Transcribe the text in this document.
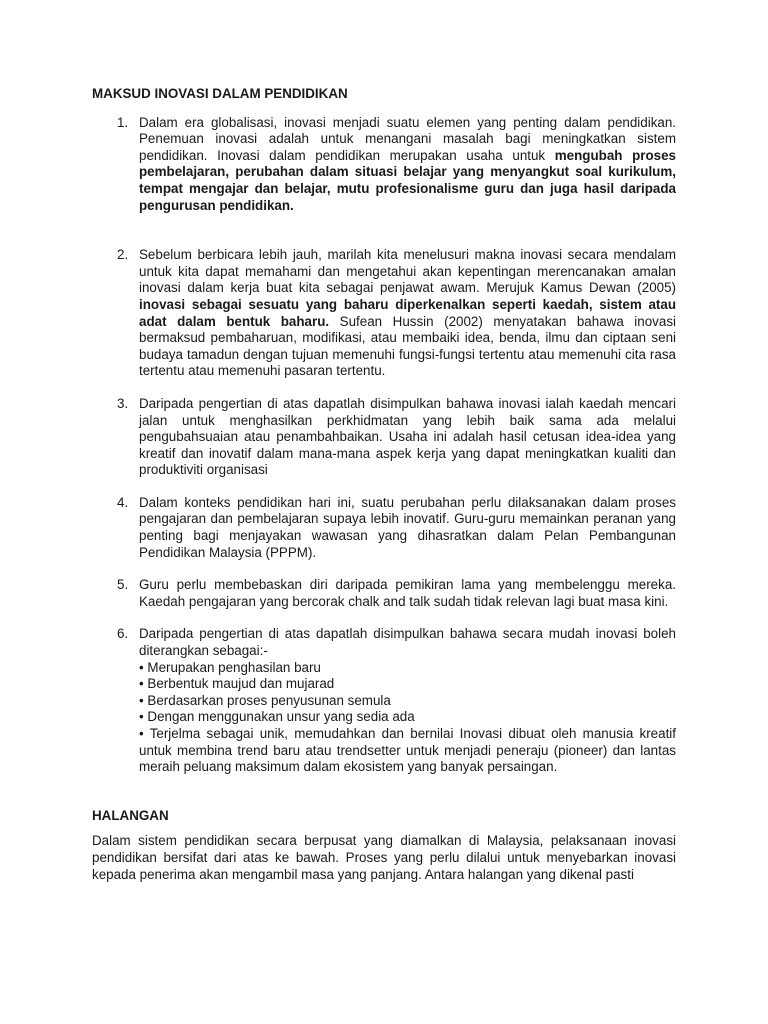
MAKSUD INOVASI DALAM PENDIDIKAN
1. Dalam era globalisasi, inovasi menjadi suatu elemen yang penting dalam pendidikan. Penemuan inovasi adalah untuk menangani masalah bagi meningkatkan sistem pendidikan. Inovasi dalam pendidikan merupakan usaha untuk mengubah proses pembelajaran, perubahan dalam situasi belajar yang menyangkut soal kurikulum, tempat mengajar dan belajar, mutu profesionalisme guru dan juga hasil daripada pengurusan pendidikan.
2. Sebelum berbicara lebih jauh, marilah kita menelusuri makna inovasi secara mendalam untuk kita dapat memahami dan mengetahui akan kepentingan merencanakan amalan inovasi dalam kerja buat kita sebagai penjawat awam. Merujuk Kamus Dewan (2005) inovasi sebagai sesuatu yang baharu diperkenalkan seperti kaedah, sistem atau adat dalam bentuk baharu. Sufean Hussin (2002) menyatakan bahawa inovasi bermaksud pembaharuan, modifikasi, atau membaiki idea, benda, ilmu dan ciptaan seni budaya tamadun dengan tujuan memenuhi fungsi-fungsi tertentu atau memenuhi cita rasa tertentu atau memenuhi pasaran tertentu.
3. Daripada pengertian di atas dapatlah disimpulkan bahawa inovasi ialah kaedah mencari jalan untuk menghasilkan perkhidmatan yang lebih baik sama ada melalui pengubahsuaian atau penambahbaikan. Usaha ini adalah hasil cetusan idea-idea yang kreatif dan inovatif dalam mana-mana aspek kerja yang dapat meningkatkan kualiti dan produktiviti organisasi
4. Dalam konteks pendidikan hari ini, suatu perubahan perlu dilaksanakan dalam proses pengajaran dan pembelajaran supaya lebih inovatif. Guru-guru memainkan peranan yang penting bagi menjayakan wawasan yang dihasratkan dalam Pelan Pembangunan Pendidikan Malaysia (PPPM).
5. Guru perlu membebaskan diri daripada pemikiran lama yang membelenggu mereka. Kaedah pengajaran yang bercorak chalk and talk sudah tidak relevan lagi buat masa kini.
6. Daripada pengertian di atas dapatlah disimpulkan bahawa secara mudah inovasi boleh diterangkan sebagai:-
• Merupakan penghasilan baru
• Berbentuk maujud dan mujarad
• Berdasarkan proses penyusunan semula
• Dengan menggunakan unsur yang sedia ada
• Terjelma sebagai unik, memudahkan dan bernilai Inovasi dibuat oleh manusia kreatif untuk membina trend baru atau trendsetter untuk menjadi peneraju (pioneer) dan lantas meraih peluang maksimum dalam ekosistem yang banyak persaingan.
HALANGAN
Dalam sistem pendidikan secara berpusat yang diamalkan di Malaysia, pelaksanaan inovasi pendidikan bersifat dari atas ke bawah. Proses yang perlu dilalui untuk menyebarkan inovasi kepada penerima akan mengambil masa yang panjang. Antara halangan yang dikenal pasti
